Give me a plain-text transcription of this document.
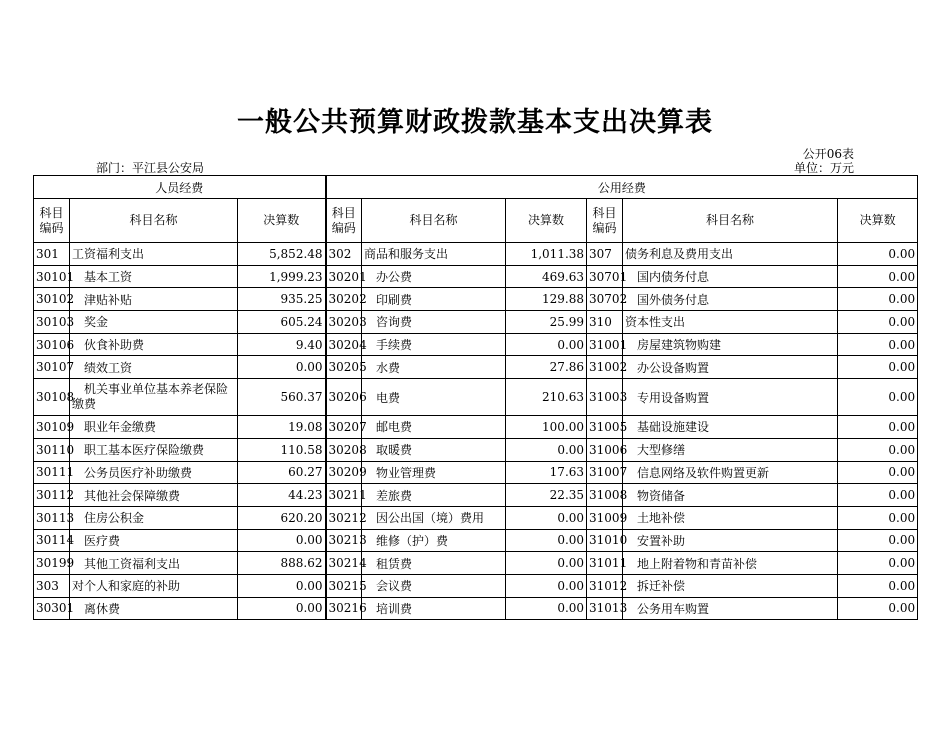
一般公共预算财政拨款基本支出决算表
公开06表
部门：平江县公安局	单位：万元
人员经费			公用经费					
科目编码	科目名称	决算数	科目编码	科目名称	决算数	科目编码	科目名称	决算数
301	工资福利支出	5,852.48	302	商品和服务支出	1,011.38	307	债务利息及费用支出	0.00
30101	基本工资	1,999.23	30201	办公费	469.63	30701	国内债务付息	0.00
30102	津贴补贴	935.25	30202	印刷费	129.88	30702	国外债务付息	0.00
30103	奖金	605.24	30203	咨询费	25.99	310	资本性支出	0.00
30106	伙食补助费	9.40	30204	手续费	0.00	31001	房屋建筑物购建	0.00
30107	绩效工资	0.00	30205	水费	27.86	31002	办公设备购置	0.00
30108	机关事业单位基本养老保险缴费	560.37	30206	电费	210.63	31003	专用设备购置	0.00
30109	职业年金缴费	19.08	30207	邮电费	100.00	31005	基础设施建设	0.00
30110	职工基本医疗保险缴费	110.58	30208	取暖费	0.00	31006	大型修缮	0.00
30111	公务员医疗补助缴费	60.27	30209	物业管理费	17.63	31007	信息网络及软件购置更新	0.00
30112	其他社会保障缴费	44.23	30211	差旅费	22.35	31008	物资储备	0.00
30113	住房公积金	620.20	30212	因公出国（境）费用	0.00	31009	土地补偿	0.00
30114	医疗费	0.00	30213	维修（护）费	0.00	31010	安置补助	0.00
30199	其他工资福利支出	888.62	30214	租赁费	0.00	31011	地上附着物和青苗补偿	0.00
303	对个人和家庭的补助	0.00	30215	会议费	0.00	31012	拆迁补偿	0.00
30301	离休费	0.00	30216	培训费	0.00	31013	公务用车购置	0.00
